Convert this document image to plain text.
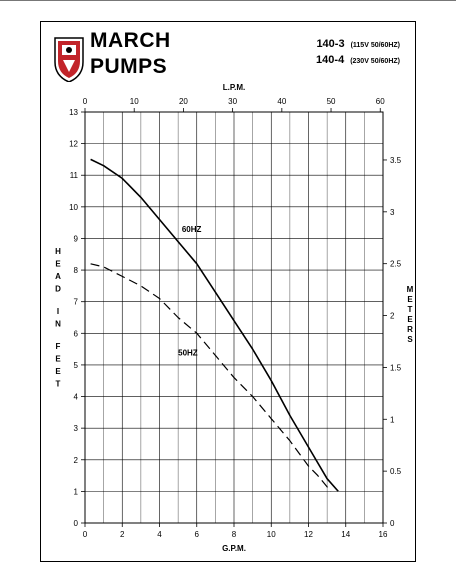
MARCH
PUMPS
140-3 (115V 50/60HZ)
140-4 (230V 50/60HZ)
0	2	4	6	8	10	12	14	16
0	10	20	30	40	50	60
0
1
2
3
4
5
6
7
8
9
10
11
12
13
0
0.5
1
1.5
2
2.5
3
3.5
G.P.M.
L.P.M.
H
E
A
D
I
N
F
E
E
T
M
E
T
E
R
S
60HZ
50HZ
